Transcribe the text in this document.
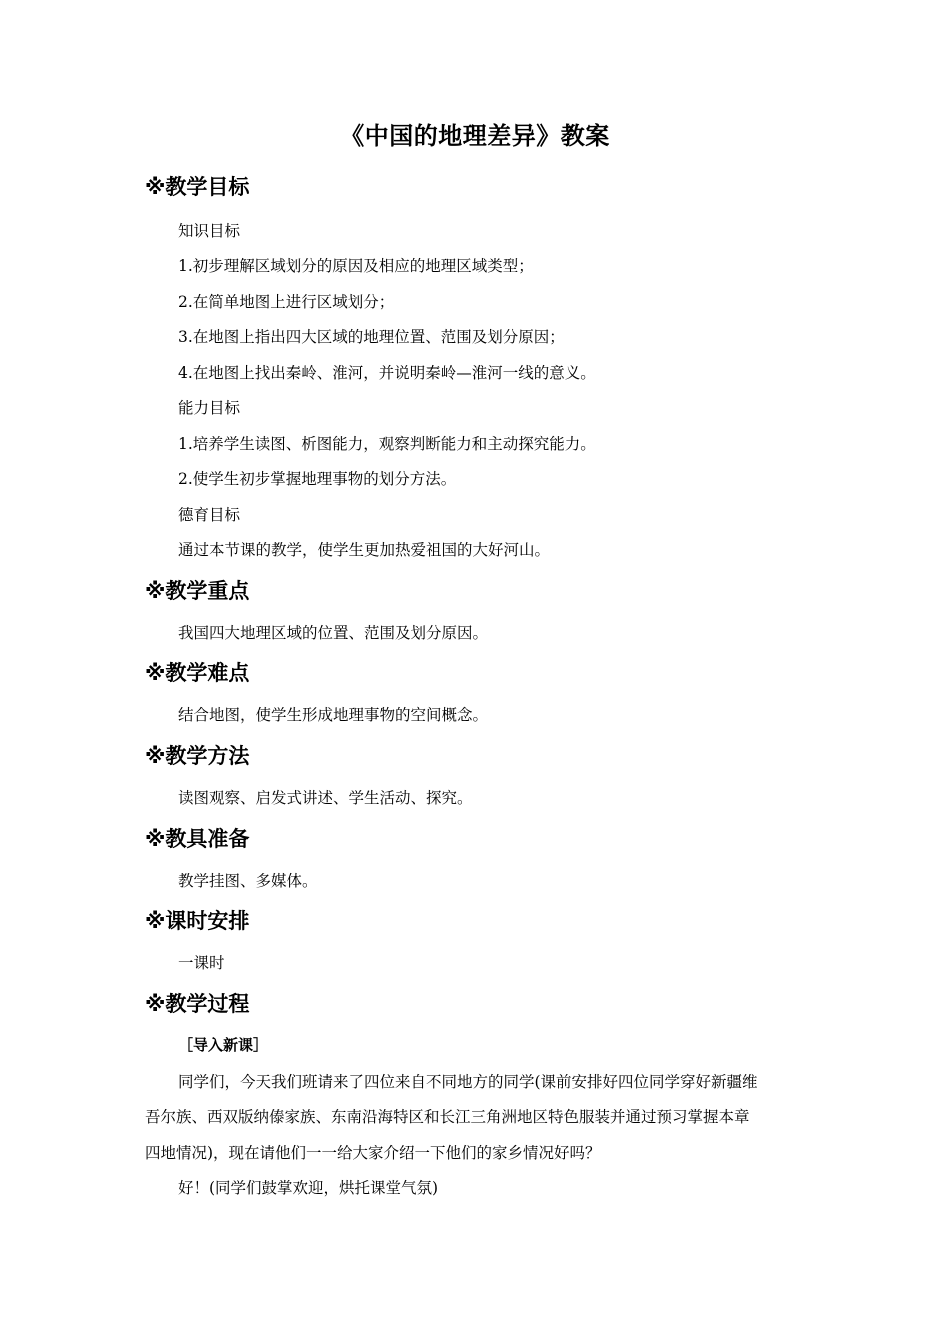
《中国的地理差异》教案
※教学目标
知识目标
1.初步理解区域划分的原因及相应的地理区域类型；
2.在简单地图上进行区域划分；
3.在地图上指出四大区域的地理位置、范围及划分原因；
4.在地图上找出秦岭、淮河，并说明秦岭—淮河一线的意义。
能力目标
1.培养学生读图、析图能力，观察判断能力和主动探究能力。
2.使学生初步掌握地理事物的划分方法。
德育目标
通过本节课的教学，使学生更加热爱祖国的大好河山。
※教学重点
我国四大地理区域的位置、范围及划分原因。
※教学难点
结合地图，使学生形成地理事物的空间概念。
※教学方法
读图观察、启发式讲述、学生活动、探究。
※教具准备
教学挂图、多媒体。
※课时安排
一课时
※教学过程
［导入新课］
同学们，今天我们班请来了四位来自不同地方的同学(课前安排好四位同学穿好新疆维
吾尔族、西双版纳傣家族、东南沿海特区和长江三角洲地区特色服装并通过预习掌握本章
四地情况)，现在请他们一一给大家介绍一下他们的家乡情况好吗？
好！(同学们鼓掌欢迎，烘托课堂气氛)
